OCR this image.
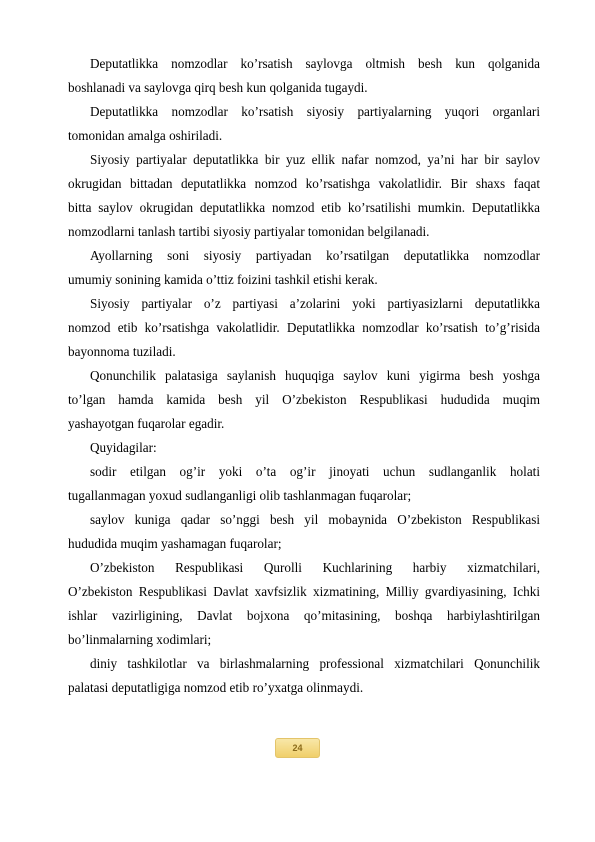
Deputatlikka nomzodlar ko’rsatish saylovga oltmish besh kun qolganida
boshlanadi va saylovga qirq besh kun qolganida tugaydi.

Deputatlikka nomzodlar ko’rsatish siyosiy partiyalarning yuqori organlari
tomonidan amalga oshiriladi.

Siyosiy partiyalar deputatlikka bir yuz ellik nafar nomzod, ya’ni har bir saylov
okrugidan bittadan deputatlikka nomzod ko’rsatishga vakolatlidir. Bir shaxs faqat
bitta saylov okrugidan deputatlikka nomzod etib ko’rsatilishi mumkin. Deputatlikka
nomzodlarni tanlash tartibi siyosiy partiyalar tomonidan belgilanadi.

Ayollarning soni siyosiy partiyadan ko’rsatilgan deputatlikka nomzodlar
umumiy sonining kamida o’ttiz foizini tashkil etishi kerak.

Siyosiy partiyalar o’z partiyasi a’zolarini yoki partiyasizlarni deputatlikka
nomzod etib ko’rsatishga vakolatlidir. Deputatlikka nomzodlar ko’rsatish to’g’risida
bayonnoma tuziladi.

Qonunchilik palatasiga saylanish huquqiga saylov kuni yigirma besh yoshga
to’lgan hamda kamida besh yil O’zbekiston Respublikasi hududida muqim
yashayotgan fuqarolar egadir.

Quyidagilar:

sodir etilgan og’ir yoki o’ta og’ir jinoyati uchun sudlanganlik holati
tugallanmagan yoxud sudlanganligi olib tashlanmagan fuqarolar;

saylov kuniga qadar so’nggi besh yil mobaynida O’zbekiston Respublikasi
hududida muqim yashamagan fuqarolar;

O’zbekiston Respublikasi Qurolli Kuchlarining harbiy xizmatchilari,
O’zbekiston Respublikasi Davlat xavfsizlik xizmatining, Milliy gvardiyasining, Ichki
ishlar vazirligining, Davlat bojxona qo’mitasining, boshqa harbiylashtirilgan
bo’linmalarning xodimlari;

diniy tashkilotlar va birlashmalarning professional xizmatchilari Qonunchilik
palatasi deputatligiga nomzod etib ro’yxatga olinmaydi.

24
